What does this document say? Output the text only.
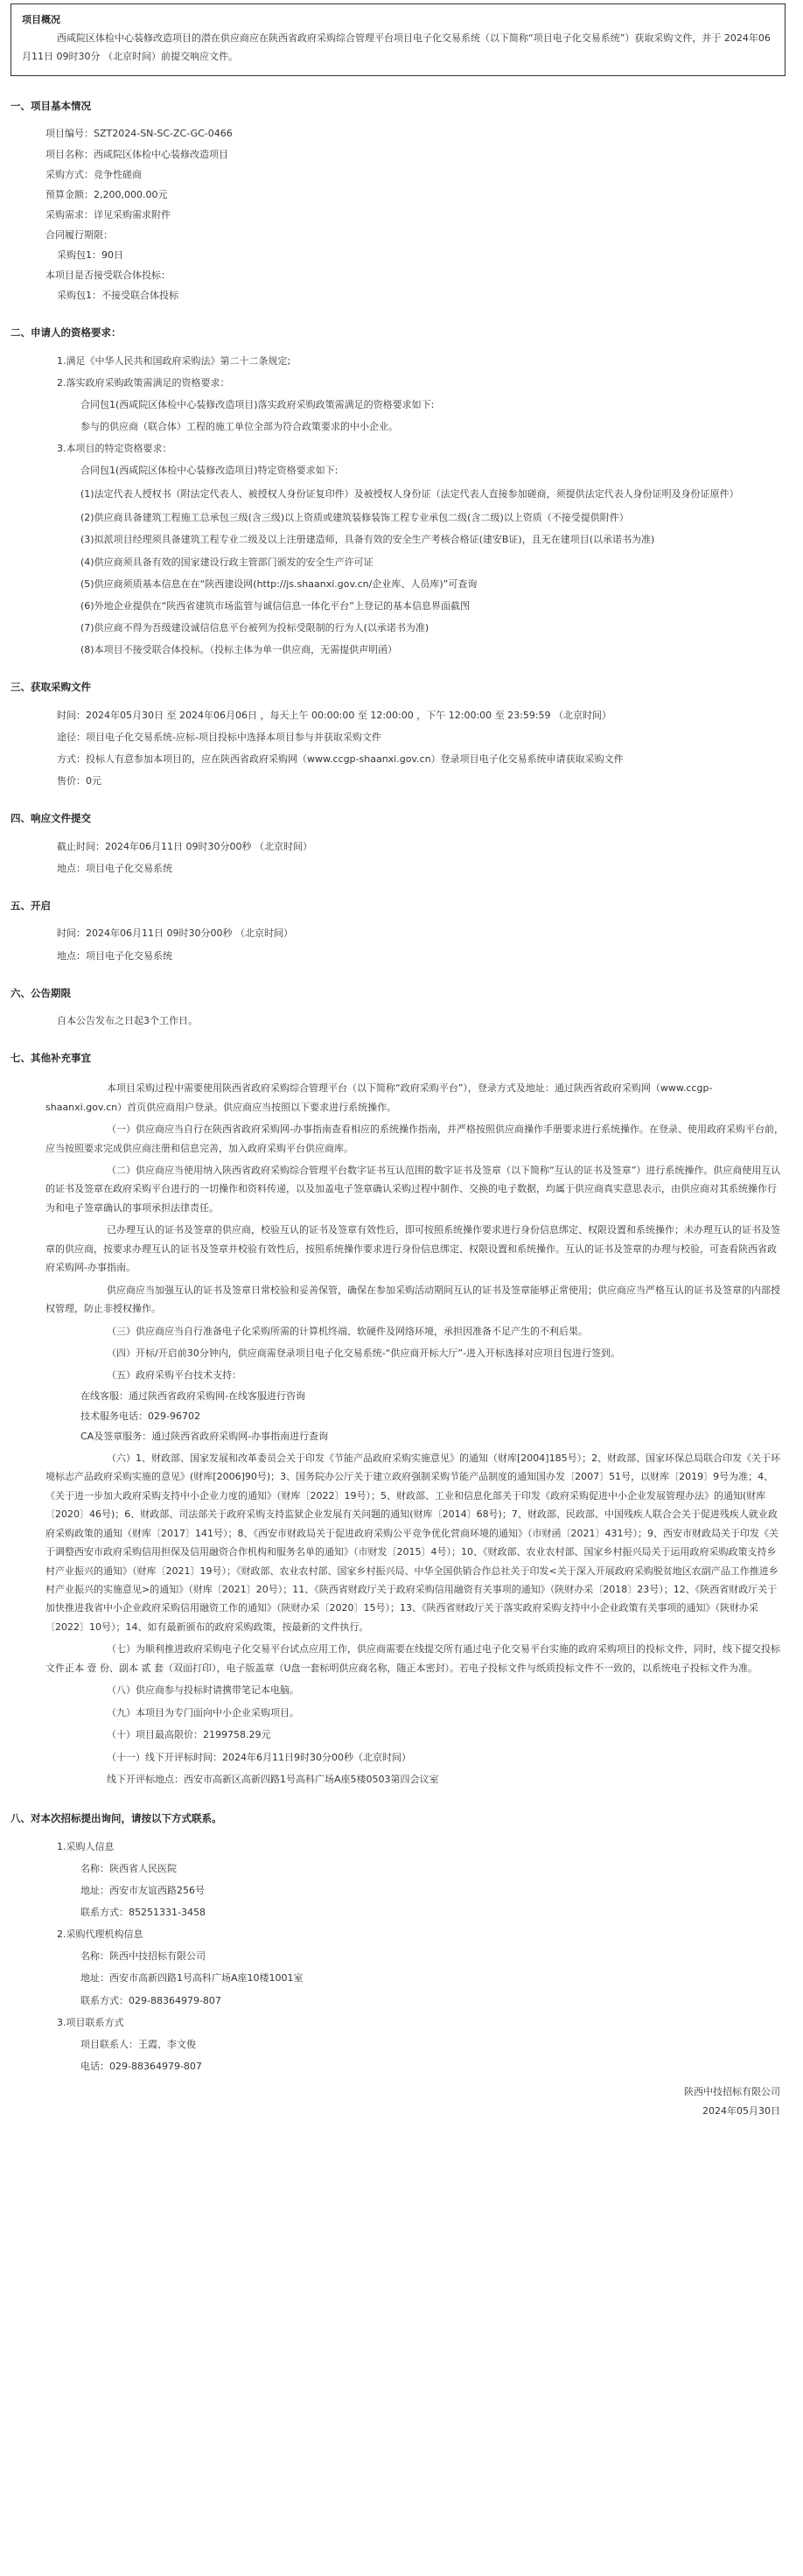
项目概况
西咸院区体检中心装修改造项目的潜在供应商应在陕西省政府采购综合管理平台项目电子化交易系统（以下简称“项目电子化交易系统”）获取采购文件，并于 2024年06月11日 09时30分 （北京时间）前提交响应文件。
一、项目基本情况
项目编号：SZT2024-SN-SC-ZC-GC-0466
项目名称：西咸院区体检中心装修改造项目
采购方式：竞争性磋商
预算金额：2,200,000.00元
采购需求：详见采购需求附件
合同履行期限：
采购包1：90日
本项目是否接受联合体投标：
采购包1：不接受联合体投标
二、申请人的资格要求：
1.满足《中华人民共和国政府采购法》第二十二条规定;
2.落实政府采购政策需满足的资格要求：
合同包1(西咸院区体检中心装修改造项目)落实政府采购政策需满足的资格要求如下:
参与的供应商（联合体）工程的施工单位全部为符合政策要求的中小企业。
3.本项目的特定资格要求：
合同包1(西咸院区体检中心装修改造项目)特定资格要求如下:
(1)法定代表人授权书（附法定代表人、被授权人身份证复印件）及被授权人身份证（法定代表人直接参加磋商，须提供法定代表人身份证明及身份证原件）
(2)供应商具备建筑工程施工总承包三级(含三级)以上资质或建筑装修装饰工程专业承包二级(含二级)以上资质（不接受提供附件）
(3)拟派项目经理须具备建筑工程专业二级及以上注册建造师，具备有效的安全生产考核合格证(建安B证)，且无在建项目(以承诺书为准)
(4)供应商须具备有效的国家建设行政主管部门颁发的安全生产许可证
(5)供应商须质基本信息在在“陕西建设网(http://js.shaanxi.gov.cn/企业库、人员库)”可查询
(6)外地企业提供在“陕西省建筑市场监管与诚信信息一体化平台”上登记的基本信息界面截图
(7)供应商不得为吾级建设诚信信息平台被列为投标受限制的行为人(以承诺书为准)
(8)本项目不接受联合体投标。（投标主体为单一供应商，无需提供声明函）
三、获取采购文件
时间：2024年05月30日 至 2024年06月06日 ，每天上午 00:00:00 至 12:00:00 ，下午 12:00:00 至 23:59:59 （北京时间）
途径：项目电子化交易系统-应标-项目投标中选择本项目参与并获取采购文件
方式：投标人有意参加本项目的，应在陕西省政府采购网（www.ccgp-shaanxi.gov.cn）登录项目电子化交易系统申请获取采购文件
售价：0元
四、响应文件提交
截止时间：2024年06月11日 09时30分00秒 （北京时间）
地点：项目电子化交易系统
五、开启
时间：2024年06月11日 09时30分00秒 （北京时间）
地点：项目电子化交易系统
六、公告期限
自本公告发布之日起3个工作日。
七、其他补充事宜
本项目采购过程中需要使用陕西省政府采购综合管理平台（以下简称“政府采购平台”），登录方式及地址：通过陕西省政府采购网（www.ccgp-shaanxi.gov.cn）首页供应商用户登录。供应商应当按照以下要求进行系统操作。
（一）供应商应当自行在陕西省政府采购网-办事指南查看相应的系统操作指南，并严格按照供应商操作手册要求进行系统操作。在登录、使用政府采购平台前，应当按照要求完成供应商注册和信息完善，加入政府采购平台供应商库。
（二）供应商应当使用纳入陕西省政府采购综合管理平台数字证书互认范围的数字证书及签章（以下简称“互认的证书及签章”）进行系统操作。供应商使用互认的证书及签章在政府采购平台进行的一切操作和资料传递，以及加盖电子签章确认采购过程中制作、交换的电子数据，均属于供应商真实意思表示，由供应商对其系统操作行为和电子签章确认的事项承担法律责任。
已办理互认的证书及签章的供应商，校验互认的证书及签章有效性后，即可按照系统操作要求进行身份信息绑定、权限设置和系统操作；未办理互认的证书及签章的供应商，按要求办理互认的证书及签章并校验有效性后，按照系统操作要求进行身份信息绑定、权限设置和系统操作。互认的证书及签章的办理与校验，可查看陕西省政府采购网-办事指南。
供应商应当加强互认的证书及签章日常校验和妥善保管，确保在参加采购活动期间互认的证书及签章能够正常使用；供应商应当严格互认的证书及签章的内部授权管理，防止非授权操作。
（三）供应商应当自行准备电子化采购所需的计算机终端、软硬件及网络环境，承担因准备不足产生的不利后果。
（四）开标/开启前30分钟内，供应商需登录项目电子化交易系统-“供应商开标大厅”-进入开标选择对应项目包进行签到。
（五）政府采购平台技术支持：
在线客服：通过陕西省政府采购网-在线客服进行咨询
技术服务电话：029-96702
CA及签章服务：通过陕西省政府采购网-办事指南进行查询
（六）1、财政部、国家发展和改革委员会关于印发《节能产品政府采购实施意见》的通知（财库[2004]185号）；2、财政部、国家环保总局联合印发《关于环境标志产品政府采购实施的意见》(财库[2006]90号)；3、国务院办公厅关于建立政府强制采购节能产品制度的通知国办发〔2007〕51号，以财库〔2019〕9号为准；4、《关于进一步加大政府采购支持中小企业力度的通知》（财库〔2022〕19号）；5、财政部、工业和信息化部关于印发《政府采购促进中小企业发展管理办法》的通知(财库〔2020〕46号)；6、财政部、司法部关于政府采购支持监狱企业发展有关问题的通知(财库〔2014〕68号)；7、财政部、民政部、中国残疾人联合会关于促进残疾人就业政府采购政策的通知（财库〔2017〕141号）；8、《西安市财政局关于促进政府采购公平竞争优化营商环境的通知》（市财函〔2021〕431号）；9、西安市财政局关于印发《关于调整西安市政府采购信用担保及信用融资合作机构和服务名单的通知》（市财发〔2015〕4号）；10、《财政部、农业农村部、国家乡村振兴局关于运用政府采购政策支持乡村产业振兴的通知》（财库〔2021〕19号）；《财政部、农业农村部、国家乡村振兴局、中华全国供销合作总社关于印发<关于深入开展政府采购脱贫地区农副产品工作推进乡村产业振兴的实施意见>的通知》（财库〔2021〕20号）；11、《陕西省财政厅关于政府采购信用融资有关事项的通知》（陕财办采〔2018〕23号）；12、《陕西省财政厅关于加快推进我省中小企业政府采购信用融资工作的通知》（陕财办采〔2020〕15号）；13、《陕西省财政厅关于落实政府采购支持中小企业政策有关事项的通知》（陕财办采〔2022〕10号）；14、如有最新颁布的政府采购政策，按最新的文件执行。
（七）为顺利推进政府采购电子化交易平台试点应用工作，供应商需要在线提交所有通过电子化交易平台实施的政府采购项目的投标文件，同时，线下提交投标文件正本 壹 份、副本 贰 套（双面打印），电子版盖章（U盘一套标明供应商名称，随正本密封）。若电子投标文件与纸质投标文件不一致的，以系统电子投标文件为准。
（八）供应商参与投标时请携带笔记本电脑。
（九）本项目为专门面向中小企业采购项目。
（十）项目最高限价：2199758.29元
（十一）线下开评标时间：2024年6月11日9时30分00秒（北京时间）
线下开评标地点：西安市高新区高新四路1号高科广场A座5楼0503第四会议室
八、对本次招标提出询问，请按以下方式联系。
1.采购人信息
名称：陕西省人民医院
地址：西安市友谊西路256号
联系方式：85251331-3458
2.采购代理机构信息
名称：陕西中技招标有限公司
地址：西安市高新四路1号高科广场A座10楼1001室
联系方式：029-88364979-807
3.项目联系方式
项目联系人：王霞、李文俊
电话：029-88364979-807
陕西中技招标有限公司
2024年05月30日
